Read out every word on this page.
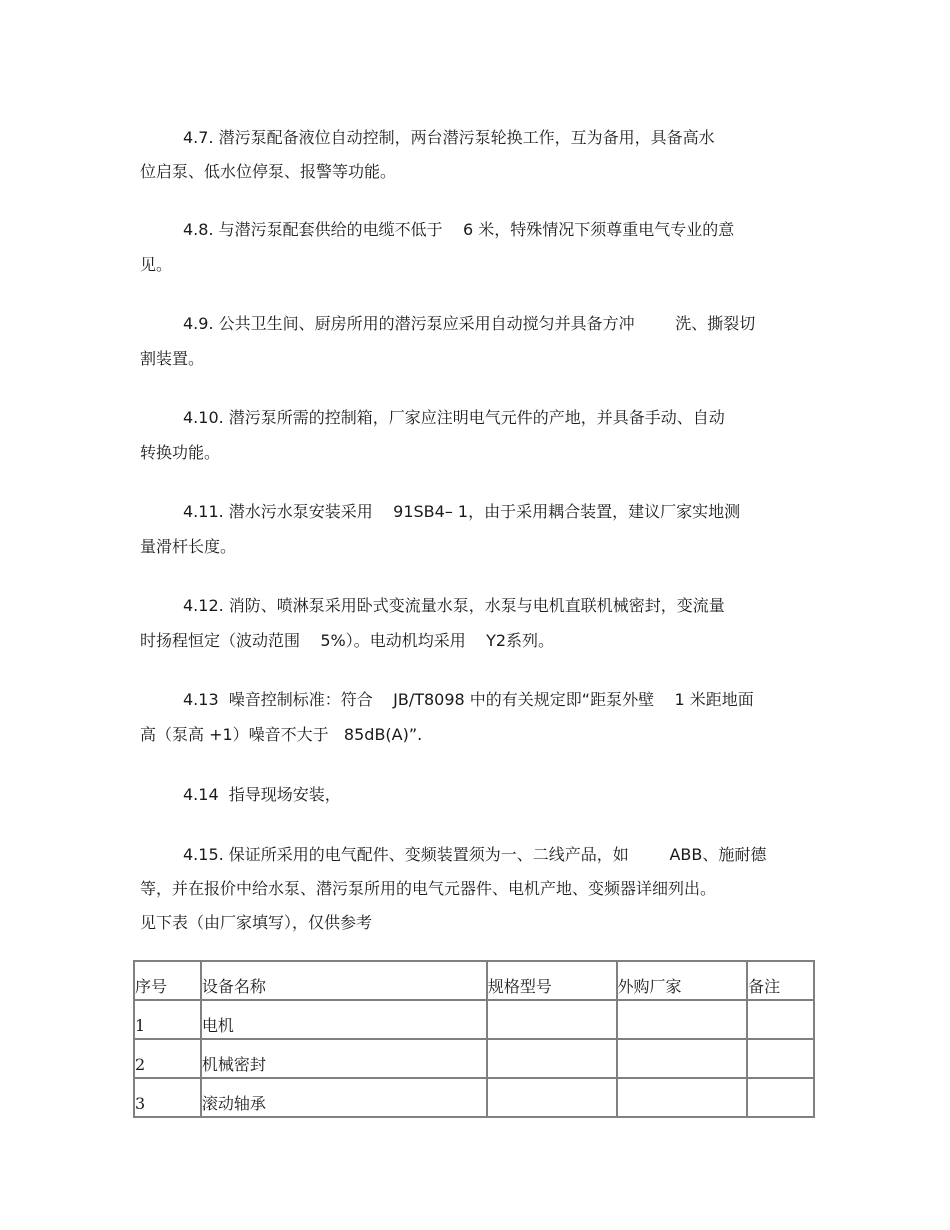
4.7. 潜污泵配备液位自动控制，两台潜污泵轮换工作，互为备用，具备高水
位启泵、低水位停泵、报警等功能。
4.8. 与潜污泵配套供给的电缆不低于    6 米，特殊情况下须尊重电气专业的意
见。
4.9. 公共卫生间、厨房所用的潜污泵应采用自动搅匀并具备方冲        洗、撕裂切
割装置。
4.10. 潜污泵所需的控制箱，厂家应注明电气元件的产地，并具备手动、自动
转换功能。
4.11. 潜水污水泵安装采用    91SB4– 1，由于采用耦合装置，建议厂家实地测
量滑杆长度。
4.12. 消防、喷淋泵采用卧式变流量水泵，水泵与电机直联机械密封，变流量
时扬程恒定（波动范围    5%）。电动机均采用    Y2系列。
4.13  噪音控制标准：符合    JB/T8098 中的有关规定即“距泵外壁    1 米距地面
高（泵高 +1）噪音不大于   85dB(A)”.
4.14  指导现场安装，
4.15. 保证所采用的电气配件、变频装置须为一、二线产品，如        ABB、施耐德
等，并在报价中给水泵、潜污泵所用的电气元器件、电机产地、变频器详细列出。
见下表（由厂家填写），仅供参考
序号	设备名称	规格型号	外购厂家	备注

1	电机			

2	机械密封			

3	滚动轴承			
